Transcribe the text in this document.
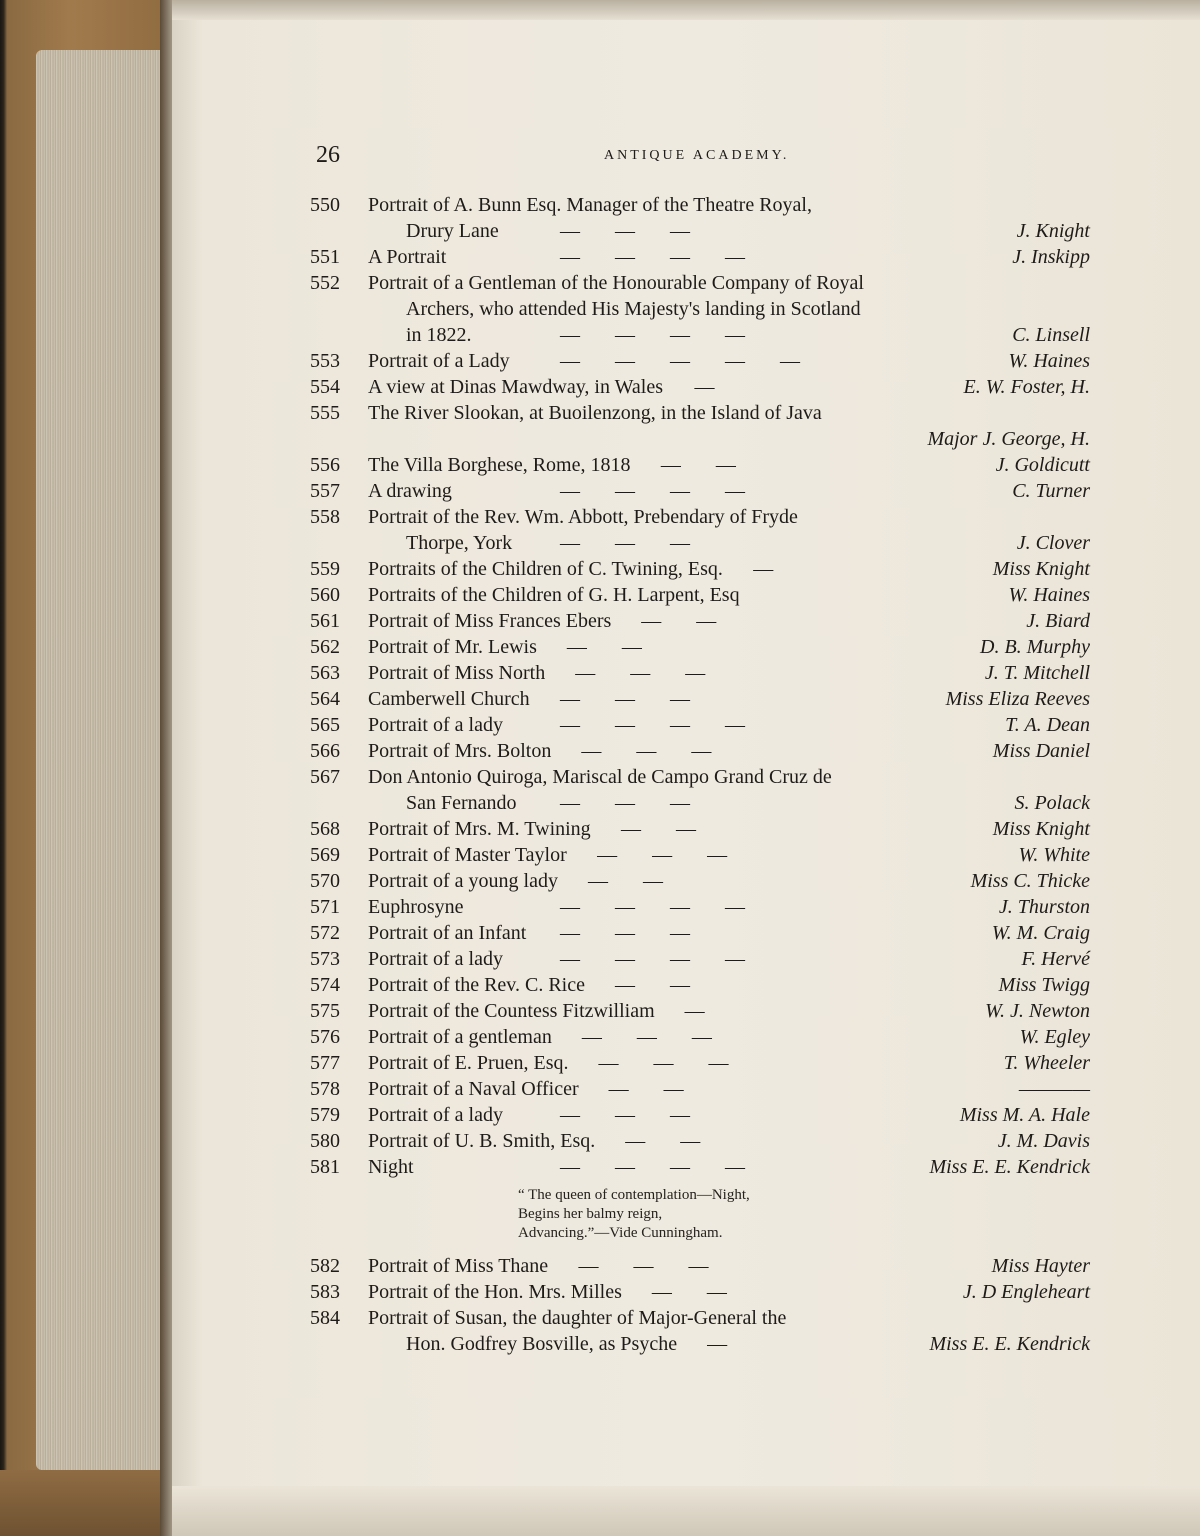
26	ANTIQUE ACADEMY.
550	Portrait of A. Bunn Esq. Manager of the Theatre Royal,
Drury Lane	—       —       —	J. Knight
551	A Portrait	—       —       —       —	J. Inskipp
552	Portrait of a Gentleman of the Honourable Company of Royal
Archers, who attended His Majesty's landing in Scotland
in 1822.	—       —       —       —	C. Linsell
553	Portrait of a Lady	—       —       —       —       —	W. Haines
554	A view at Dinas Mawdway, in Wales —	E. W. Foster, H.
555	The River Slookan, at Buoilenzong, in the Island of Java
Major J. George, H.
556	The Villa Borghese, Rome, 1818 —       —	J. Goldicutt
557	A drawing	—       —       —       —	C. Turner
558	Portrait of the Rev. Wm. Abbott, Prebendary of Fryde
Thorpe, York —       —       —	J. Clover
559	Portraits of the Children of C. Twining, Esq. —	Miss Knight
560	Portraits of the Children of G. H. Larpent, Esq	W. Haines
561	Portrait of Miss Frances Ebers —       —	J. Biard
562	Portrait of Mr. Lewis —       —	D. B. Murphy
563	Portrait of Miss North —       —       —	J. T. Mitchell
564	Camberwell Church —       —       —	Miss Eliza Reeves
565	Portrait of a lady	—       —       —       —	T. A. Dean
566	Portrait of Mrs. Bolton —       —       —	Miss Daniel
567	Don Antonio Quiroga, Mariscal de Campo Grand Cruz de
San Fernando —       —       —	S. Polack
568	Portrait of Mrs. M. Twining —       —	Miss Knight
569	Portrait of Master Taylor —       —       —	W. White
570	Portrait of a young lady —       —	Miss C. Thicke
571	Euphrosyne	—       —       —       —	J. Thurston
572	Portrait of an Infant —       —       —	W. M. Craig
573	Portrait of a lady	—       —       —       —	F. Hervé
574	Portrait of the Rev. C. Rice —       —	Miss Twigg
575	Portrait of the Countess Fitzwilliam —	W. J. Newton
576	Portrait of a gentleman —       —       —	W. Egley
577	Portrait of E. Pruen, Esq. —       —       —	T. Wheeler
578	Portrait of a Naval Officer —       —	————
579	Portrait of a lady	—       —       —	Miss M. A. Hale
580	Portrait of U. B. Smith, Esq. —       —	J. M. Davis
581	Night	—       —       —       —	Miss E. E. Kendrick
“ The queen of contemplation—Night,
Begins her balmy reign,
Advancing.”—Vide Cunningham.
582	Portrait of Miss Thane —       —       —	Miss Hayter
583	Portrait of the Hon. Mrs. Milles —       —	J. D Engleheart
584	Portrait of Susan, the daughter of Major-General the
Hon. Godfrey Bosville, as Psyche —	Miss E. E. Kendrick
